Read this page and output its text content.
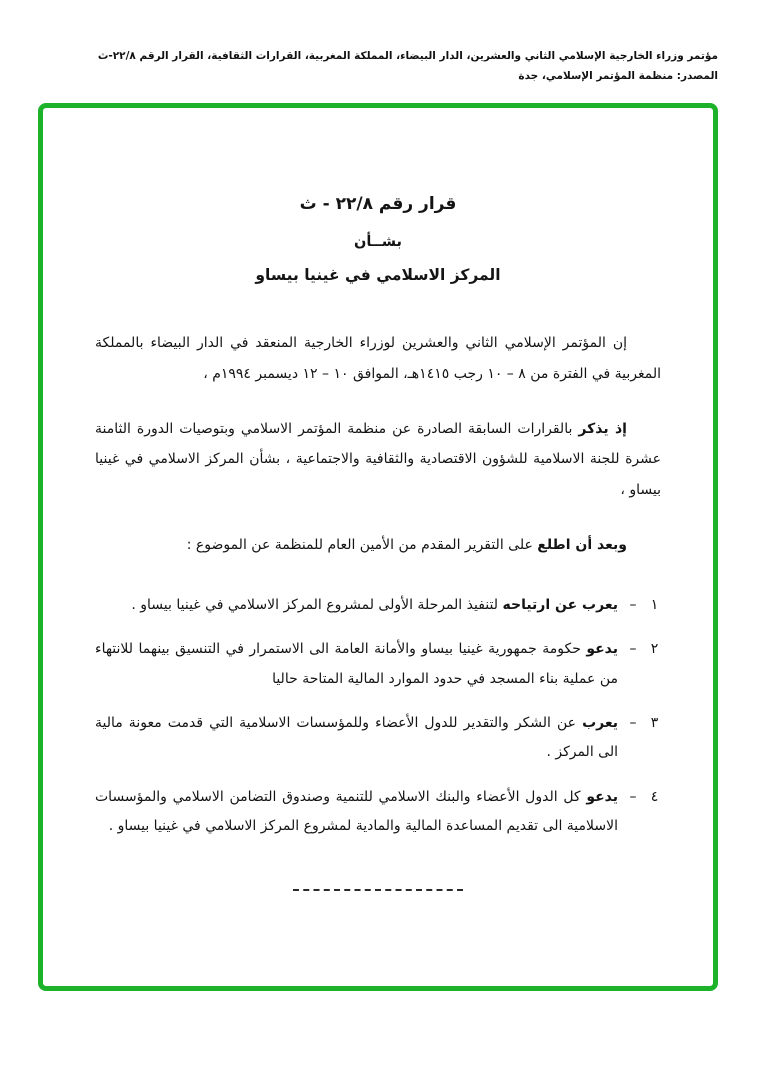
مؤتمر وزراء الخارجية الإسلامي الثاني والعشرين، الدار البيضاء، المملكة المغربية، القرارات الثقافية، القرار الرقم ٢٢/٨-ث
المصدر: منظمة المؤتمر الإسلامي، جدة
قرار رقم ٢٢/٨ - ث
بشــأن
المركز الاسلامي في غينيا بيساو

إن المؤتمر الإسلامي الثاني والعشرين لوزراء الخارجية المنعقد في الدار البيضاء بالمملكة المغربية في الفترة من ٨ – ١٠ رجب ١٤١٥هـ، الموافق ١٠ – ١٢ ديسمبر ١٩٩٤م ،

إذ يذكر بالقرارات السابقة الصادرة عن منظمة المؤتمر الاسلامي وبتوصيات الدورة الثامنة عشرة للجنة الاسلامية للشؤون الاقتصادية والثقافية والاجتماعية ، بشأن المركز الاسلامي في غينيا بيساو ،

وبعد أن اطلع على التقرير المقدم من الأمين العام للمنظمة عن الموضوع :

١
–

يعرب عن ارتياحه لتنفيذ المرحلة الأولى لمشروع المركز الاسلامي في غينيا بيساو .

٢
–

يدعو حكومة جمهورية غينيا بيساو والأمانة العامة الى الاستمرار في التنسيق بينهما للانتهاء من عملية بناء المسجد في حدود الموارد المالية المتاحة حاليا

٣
–

يعرب عن الشكر والتقدير للدول الأعضاء وللمؤسسات الاسلامية التي قدمت معونة مالية الى المركز .

٤
–

يدعو كل الدول الأعضاء والبنك الاسلامي للتنمية وصندوق التضامن الاسلامي والمؤسسات الاسلامية الى تقديم المساعدة المالية والمادية لمشروع المركز الاسلامي في غينيا بيساو .
